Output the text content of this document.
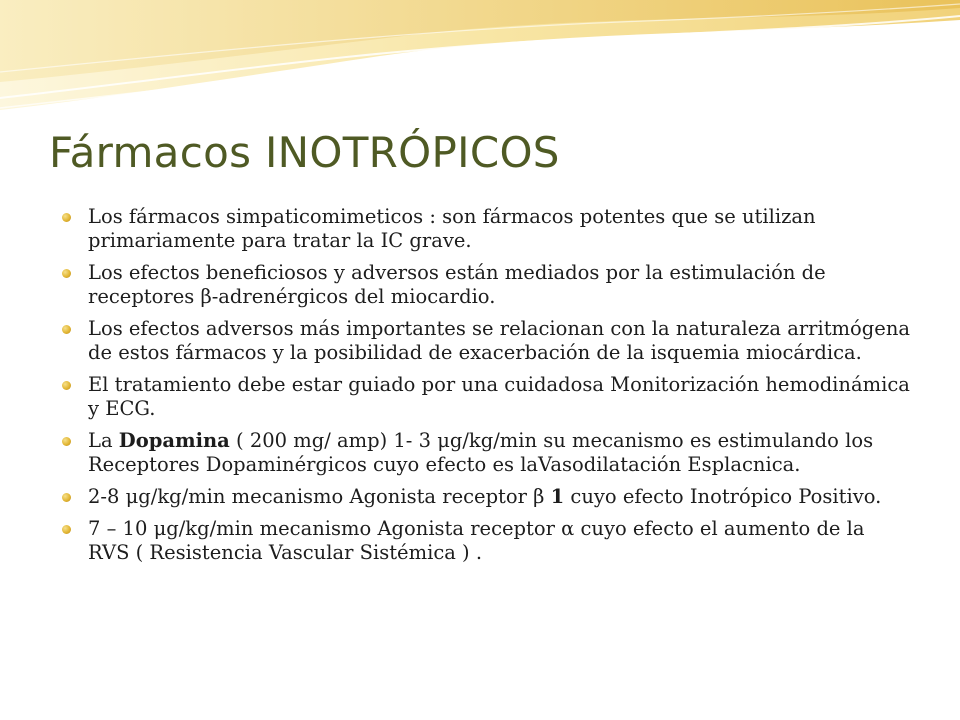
Fármacos INOTRÓPICOS
Los fármacos simpaticomimeticos : son fármacos potentes que se utilizan primariamente para tratar la IC grave.
Los efectos beneficiosos y adversos están mediados por la estimulación de receptores β-adrenérgicos del miocardio.
Los efectos adversos más importantes se relacionan con la naturaleza arritmógena de estos fármacos y la posibilidad de exacerbación de la isquemia miocárdica.
El tratamiento debe estar guiado por una cuidadosa Monitorización hemodinámica y ECG.
La Dopamina ( 200 mg/ amp) 1- 3 μg/kg/min su mecanismo es estimulando los Receptores Dopaminérgicos cuyo efecto es laVasodilatación Esplacnica.
2-8 μg/kg/min mecanismo Agonista receptor β 1 cuyo efecto Inotrópico Positivo.
7 – 10 μg/kg/min mecanismo Agonista receptor α cuyo efecto el aumento de la RVS ( Resistencia Vascular Sistémica ) .
